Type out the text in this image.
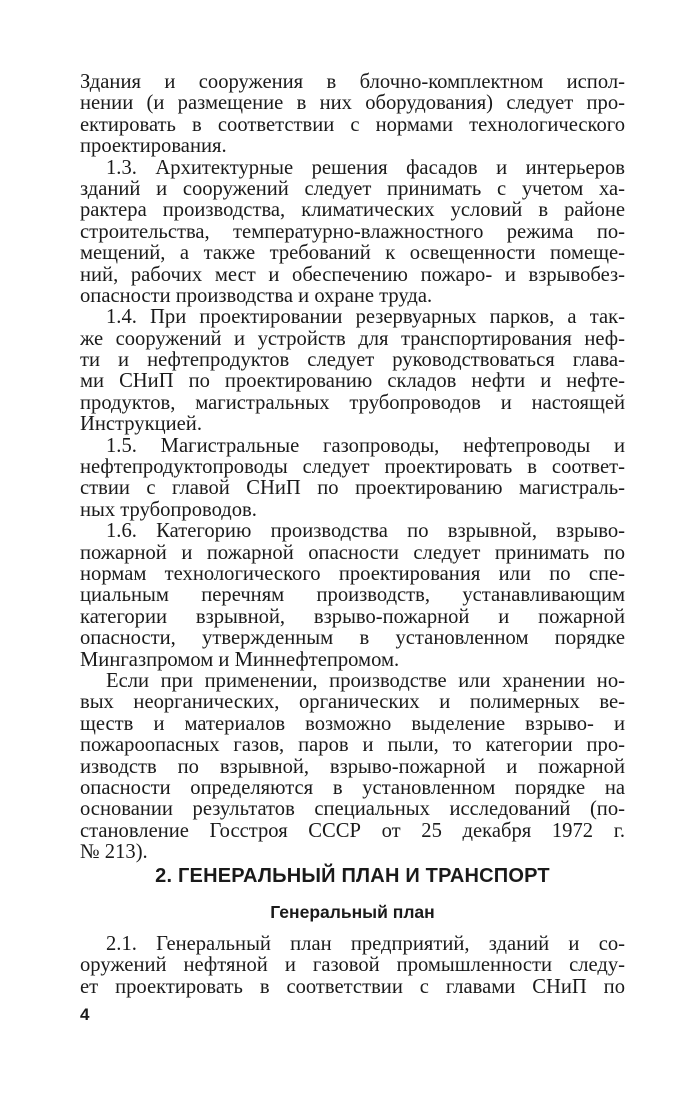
Здания и сооружения в блочно-комплектном испол-
нении (и размещение в них оборудования) следует про-
ектировать в соответствии с нормами технологического
проектирования.
1.3. Архитектурные решения фасадов и интерьеров
зданий и сооружений следует принимать с учетом ха-
рактера производства, климатических условий в районе
строительства, температурно-влажностного режима по-
мещений, а также требований к освещенности помеще-
ний, рабочих мест и обеспечению пожаро- и взрывобез-
опасности производства и охране труда.
1.4. При проектировании резервуарных парков, а так-
же сооружений и устройств для транспортирования неф‑
ти и нефтепродуктов следует руководствоваться глава-
ми СНиП по проектированию складов нефти и нефте-
продуктов, магистральных трубопроводов и настоящей
Инструкцией.
1.5. Магистральные газопроводы, нефтепроводы и
нефтепродуктопроводы следует проектировать в соответ-
ствии с главой СНиП по проектированию магистраль-
ных трубопроводов.
1.6. Категорию производства по взрывной, взрыво-
пожарной и пожарной опасности следует принимать по
нормам технологического проектирования или по спе-
циальным перечням производств, устанавливающим
категории взрывной, взрыво-пожарной и пожарной
опасности, утвержденным в установленном порядке
Мингазпромом и Миннефтепромом.
Если при применении, производстве или хранении но-
вых неорганических, органических и полимерных ве-
ществ и материалов возможно выделение взрыво- и
пожароопасных газов, паров и пыли, то категории про-
изводств по взрывной, взрыво-пожарной и пожарной
опасности определяются в установленном порядке на
основании результатов специальных исследований (по-
становление Госстроя СССР от 25 декабря 1972 г.
№ 213).
2. ГЕНЕРАЛЬНЫЙ ПЛАН И ТРАНСПОРТ
Генеральный план
2.1. Генеральный план предприятий, зданий и со-
оружений нефтяной и газовой промышленности следу-
ет проектировать в соответствии с главами СНиП по
4
